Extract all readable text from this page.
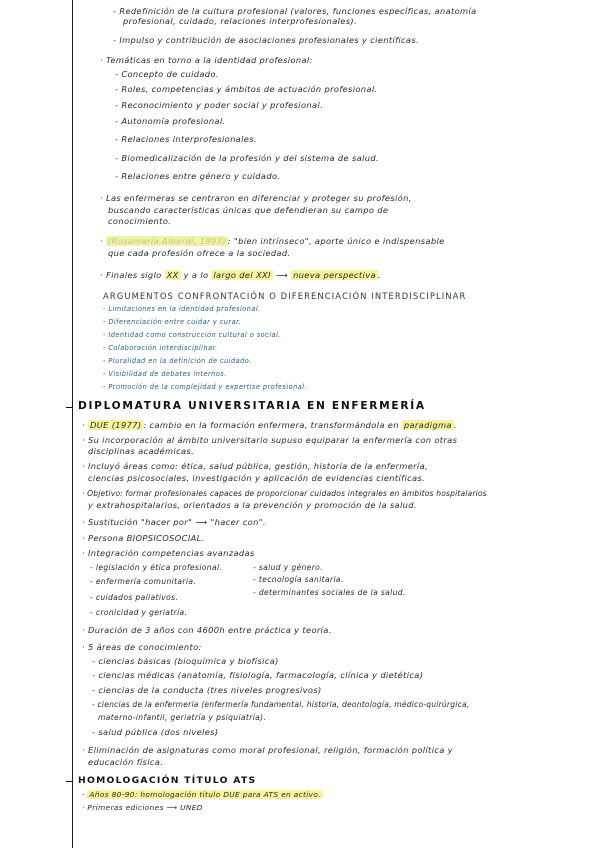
- Redefinición de la cultura profesional (valores, funciones específicas, anatomía
profesional, cuidado, relaciones interprofesionales).
- Impulso y contribución de asociaciones profesionales y científicas.
· Temáticas en torno a la identidad profesional:
- Concepto de cuidado.
- Roles, competencias y ámbitos de actuación profesional.
- Reconocimiento y poder social y profesional.
- Autonomía profesional.
- Relaciones interprofesionales.
- Biomedicalización de la profesión y del sistema de salud.
- Relaciones entre género y cuidado.
· Las enfermeras se centraron en diferenciar y proteger su profesión,
buscando características únicas que defendieran su campo de
conocimiento.
· (Rosamaría Alberdi, 1993) : "bien intrínseco", aporte único e indispensable
que cada profesión ofrece a la sociedad.
· Finales siglo XX y a lo largo del XXI ⟶ nueva perspectiva .
ARGUMENTOS CONFRONTACIÓN O DIFERENCIACIÓN INTERDISCIPLINAR
- Limitaciones en la identidad profesional.
- Diferenciación entre cuidar y curar.
- Identidad como construcción cultural o social.
- Colaboración interdisciplinar.
- Pluralidad en la definición de cuidado.
- Visibilidad de debates internos.
- Promoción de la complejidad y expertise profesional.
DIPLOMATURA UNIVERSITARIA EN ENFERMERÍA
· DUE (1977) : cambio en la formación enfermera, transformándola en paradigma .
· Su incorporación al ámbito universitario supuso equiparar la enfermería con otras
disciplinas académicas.
· Incluyó áreas como: ética, salud pública, gestión, historia de la enfermería,
ciencias psicosociales, investigación y aplicación de evidencias científicas.
· Objetivo: formar profesionales capaces de proporcionar cuidados integrales en ámbitos hospitalarios
y extrahospitalarios, orientados a la prevención y promoción de la salud.
· Sustitución "hacer por" ⟶ "hacer con".
· Persona BIOPSICOSOCIAL.
· Integración competencias avanzadas
- legislación y ética profesional.
- enfermería comunitaria.
- cuidados paliativos.
- cronicidad y geriatría.
- salud y género.
- tecnología sanitaria.
- determinantes sociales de la salud.
· Duración de 3 años con 4600h entre práctica y teoría.
· 5 áreas de conocimiento:
- ciencias básicas (bioquímica y biofísica)
- ciencias médicas (anatomía, fisiología, farmacología, clínica y dietética)
- ciencias de la conducta (tres niveles progresivos)
- ciencias de la enfermería (enfermería fundamental, historia, deontología, médico-quirúrgica,
materno-infantil, geriatría y psiquiatría).
- salud pública (dos niveles)
· Eliminación de asignaturas como moral profesional, religión, formación política y
educación física.
HOMOLOGACIÓN TÍTULO ATS
· Años 80-90: homologación título DUE para ATS en activo.
· Primeras ediciones ⟶ UNED
